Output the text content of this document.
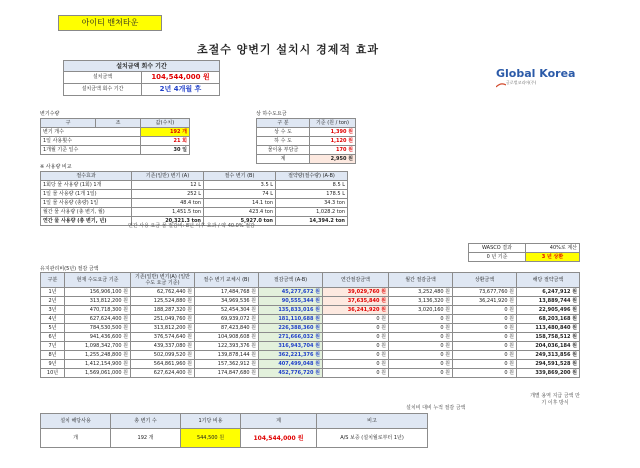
아이티 밴쳐타운
초절수 양변기 설치시 경제적 효과
Global Korea
글로벌코리아(주)
설치금액 회수 기간	
설치금액	104,544,000 원
설치금액 회수 기간	2년 4개월 후
변기수량
구	조	값(수치)
변기 개수		192 개
1일 사용횟수		21 회
1개월 기준 일수		30 일
상 하수도요금
구 분	기준 (원 / ton)
상 수 도	1,390 원
하 수 도	1,120 원
물이용 부담금	170 원
계	2,950 원
※ 사용량 비교
절수효과	기존(일반) 변기 (A)	절수 변기 (B)	절약량(절수량) (A-B)
1회당 물 사용량 (1회) 1개	12 L	3.5 L	8.5 L
1일 물 사용량 (1개 1일)	252 L	74 L	178.5 L
1일 물 사용량 (총량) 1일	48.4 ton	14.1 ton	34.3 ton
월간 물 사용량 (총 변기, 월)	1,451.5 ton	423.4 ton	1,028.2 ton
연간 물 사용량 (총 변기, 년)	20,321.3 ton	5,927.0 ton	14,394.2 ton
연간 사용 요금 물 절감비: 8년 이후 효과 / 약 40.0% 절감
WASCO 결과	40%로 계산
0 년 기준	3 년 상환
유지관리비(5년) 절감 금액
구분	현재 수도요금 기준	기존(일반) 변기(A) (일반수도 요금 기준)	절수 변기 교체시 (B)	절감금액 (A-B)	연간절감금액	월간 절감금액	상환금액	해당 절약금액
1년	156,906,100 원	62,762,440 원	17,484,768 원	45,277,672 원	39,029,760 원	3,252,480 원	73,677,760 원	6,247,912 원
2년	313,812,200 원	125,524,880 원	34,969,536 원	90,555,344 원	37,635,840 원	3,136,320 원	36,241,920 원	13,889,744 원
3년	470,718,300 원	188,287,320 원	52,454,304 원	135,833,016 원	36,241,920 원	3,020,160 원	0 원	22,905,496 원
4년	627,624,400 원	251,049,760 원	69,939,072 원	181,110,688 원	0 원	0 원	0 원	68,203,168 원
5년	784,530,500 원	313,812,200 원	87,423,840 원	226,388,360 원	0 원	0 원	0 원	113,480,840 원
6년	941,436,600 원	376,574,640 원	104,908,608 원	271,666,032 원	0 원	0 원	0 원	158,758,512 원
7년	1,098,342,700 원	439,337,080 원	122,393,376 원	316,943,704 원	0 원	0 원	0 원	204,036,184 원
8년	1,255,248,800 원	502,099,520 원	139,878,144 원	362,221,376 원	0 원	0 원	0 원	249,313,856 원
9년	1,412,154,900 원	564,861,960 원	157,362,912 원	407,499,048 원	0 원	0 원	0 원	294,591,528 원
10년	1,569,061,000 원	627,624,400 원	174,847,680 원	452,776,720 원	0 원	0 원	0 원	339,869,200 원
설치비 대비 누적 절감 금액
개별 용역 지급 금액 만기 이후 방식
설치 해당사용	총 변기 수	1기당 비용	계	비고
개	192 개	544,500 원	104,544,000 원	A/S 보증 (설치월로부터 1년)
